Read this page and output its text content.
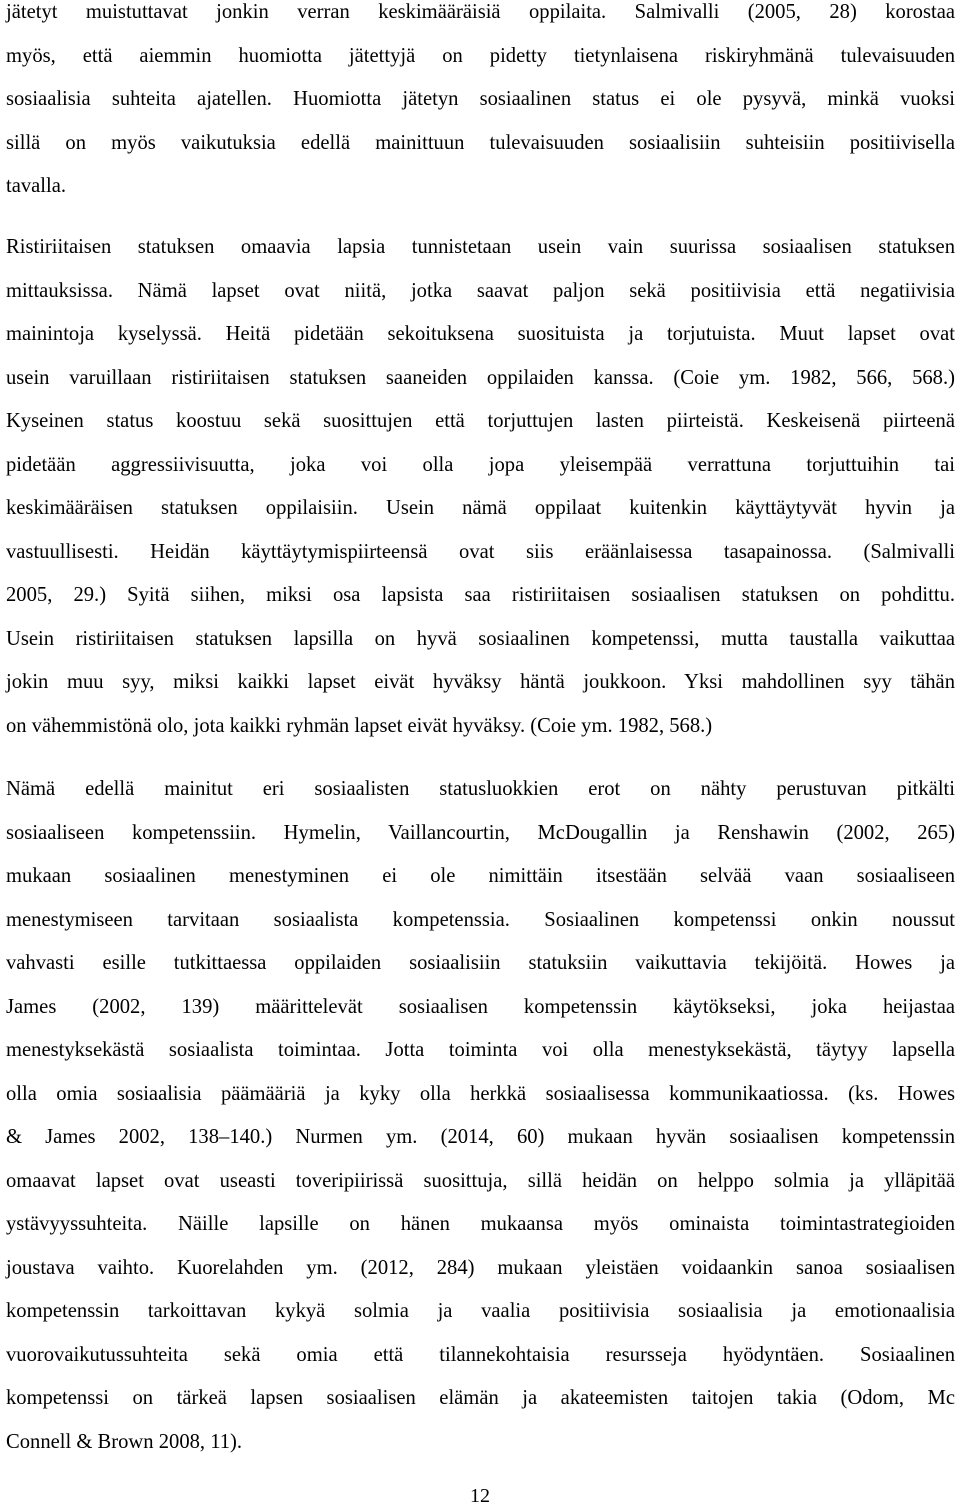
jätetyt muistuttavat jonkin verran keskimääräisiä oppilaita. Salmivalli (2005, 28) korostaa
myös, että aiemmin huomiotta jätettyjä on pidetty tietynlaisena riskiryhmänä tulevaisuuden
sosiaalisia suhteita ajatellen. Huomiotta jätetyn sosiaalinen status ei ole pysyvä, minkä vuoksi
sillä on myös vaikutuksia edellä mainittuun tulevaisuuden sosiaalisiin suhteisiin positiivisella
tavalla.
Ristiriitaisen statuksen omaavia lapsia tunnistetaan usein vain suurissa sosiaalisen statuksen
mittauksissa. Nämä lapset ovat niitä, jotka saavat paljon sekä positiivisia että negatiivisia
mainintoja kyselyssä. Heitä pidetään sekoituksena suosituista ja torjutuista. Muut lapset ovat
usein varuillaan ristiriitaisen statuksen saaneiden oppilaiden kanssa. (Coie ym. 1982, 566, 568.)
Kyseinen status koostuu sekä suosittujen että torjuttujen lasten piirteistä. Keskeisenä piirteenä
pidetään aggressiivisuutta, joka voi olla jopa yleisempää verrattuna torjuttuihin tai
keskimääräisen statuksen oppilaisiin. Usein nämä oppilaat kuitenkin käyttäytyvät hyvin ja
vastuullisesti. Heidän käyttäytymispiirteensä ovat siis eräänlaisessa tasapainossa. (Salmivalli
2005, 29.) Syitä siihen, miksi osa lapsista saa ristiriitaisen sosiaalisen statuksen on pohdittu.
Usein ristiriitaisen statuksen lapsilla on hyvä sosiaalinen kompetenssi, mutta taustalla vaikuttaa
jokin muu syy, miksi kaikki lapset eivät hyväksy häntä joukkoon. Yksi mahdollinen syy tähän
on vähemmistönä olo, jota kaikki ryhmän lapset eivät hyväksy. (Coie ym. 1982, 568.)
Nämä edellä mainitut eri sosiaalisten statusluokkien erot on nähty perustuvan pitkälti
sosiaaliseen kompetenssiin. Hymelin, Vaillancourtin, McDougallin ja Renshawin (2002, 265)
mukaan sosiaalinen menestyminen ei ole nimittäin itsestään selvää vaan sosiaaliseen
menestymiseen tarvitaan sosiaalista kompetenssia. Sosiaalinen kompetenssi onkin noussut
vahvasti esille tutkittaessa oppilaiden sosiaalisiin statuksiin vaikuttavia tekijöitä. Howes ja
James (2002, 139) määrittelevät sosiaalisen kompetenssin käytökseksi, joka heijastaa
menestyksekästä sosiaalista toimintaa. Jotta toiminta voi olla menestyksekästä, täytyy lapsella
olla omia sosiaalisia päämääriä ja kyky olla herkkä sosiaalisessa kommunikaatiossa. (ks. Howes
& James 2002, 138–140.) Nurmen ym. (2014, 60) mukaan hyvän sosiaalisen kompetenssin
omaavat lapset ovat useasti toveripiirissä suosittuja, sillä heidän on helppo solmia ja ylläpitää
ystävyyssuhteita. Näille lapsille on hänen mukaansa myös ominaista toimintastrategioiden
joustava vaihto. Kuorelahden ym. (2012, 284) mukaan yleistäen voidaankin sanoa sosiaalisen
kompetenssin tarkoittavan kykyä solmia ja vaalia positiivisia sosiaalisia ja emotionaalisia
vuorovaikutussuhteita sekä omia että tilannekohtaisia resursseja hyödyntäen. Sosiaalinen
kompetenssi on tärkeä lapsen sosiaalisen elämän ja akateemisten taitojen takia (Odom, Mc
Connell & Brown 2008, 11).
12
